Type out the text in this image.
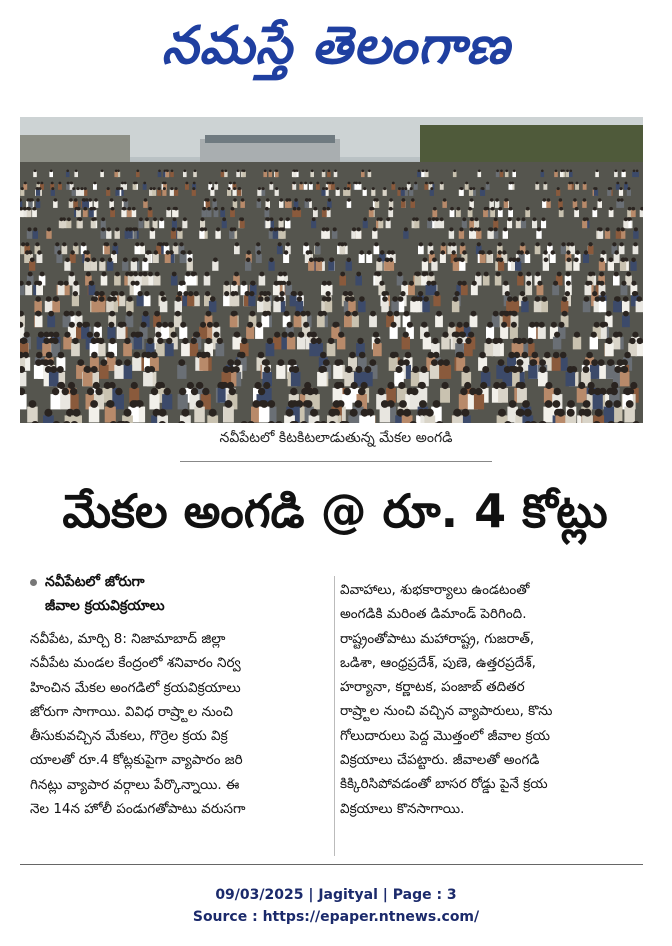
నమస్తే తెలంగాణ
నవీపేటలో కిటకిటలాడుతున్న మేకల అంగడి
మేకల అంగడి @ రూ. 4 కోట్లు
నవీపేటలో జోరుగా
జీవాల క్రయవిక్రయాలు

నవీపేట, మార్చి 8: నిజామాబాద్ జిల్లా

నవీపేట మండల కేంద్రంలో శనివారం నిర్వ

హించిన మేకల అంగడిలో క్రయవిక్రయాలు

జోరుగా సాగాయి. వివిధ రాష్ర్టాల నుంచి

తీసుకువచ్చిన మేకలు, గొర్రెల క్రయ విక్ర

యాలతో రూ.4 కోట్లకుపైగా వ్యాపారం జరి

గినట్లు వ్యాపార వర్గాలు పేర్కొన్నాయి. ఈ

నెల 14న హోలీ పండుగతోపాటు వరుసగా

వివాహాలు, శుభకార్యాలు ఉండటంతో

అంగడికి మరింత డిమాండ్ పెరిగింది.

రాష్ట్రంతోపాటు మహారాష్ట్ర, గుజరాత్,

ఒడిశా, ఆంధ్రప్రదేశ్, పుణె, ఉత్తరప్రదేశ్,

హర్యానా, కర్ణాటక, పంజాబ్ తదితర

రాష్ర్టాల నుంచి వచ్చిన వ్యాపారులు, కొను

గోలుదారులు పెద్ద మొత్తంలో జీవాల క్రయ

విక్రయాలు చేపట్టారు. జీవాలతో అంగడి

కిక్కిరిసిపోవడంతో బాసర రోడ్డు పైనే క్రయ

విక్రయాలు కొనసాగాయి.

09/03/2025 | Jagityal | Page : 3
Source : https://epaper.ntnews.com/
